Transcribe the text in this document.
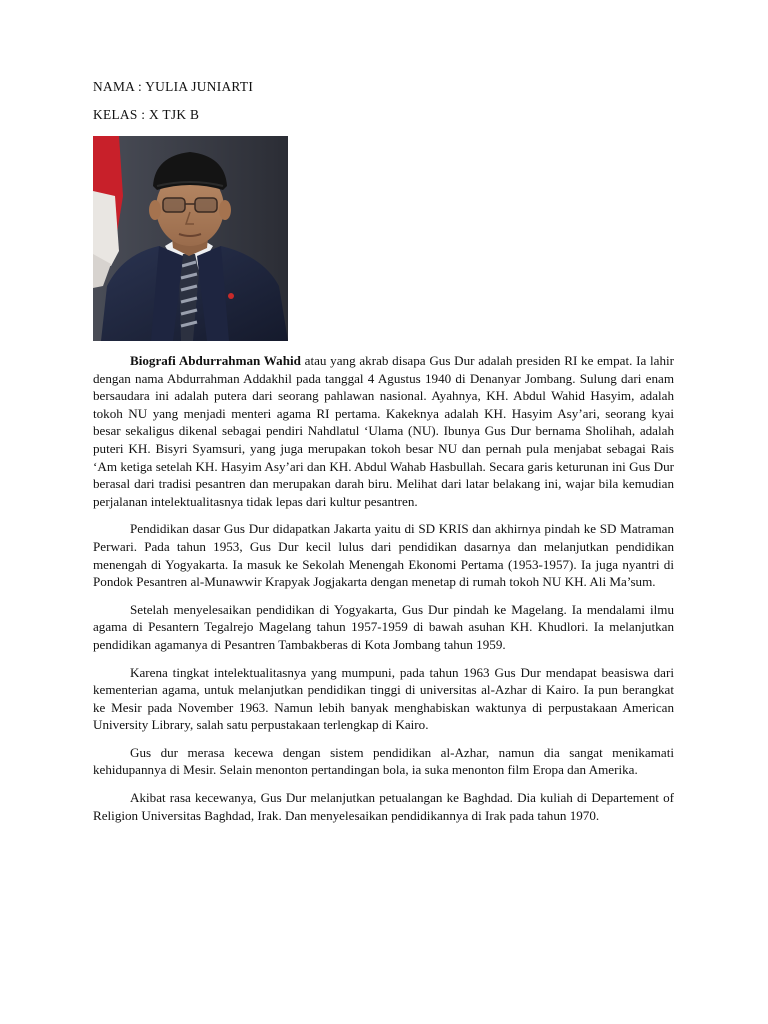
NAMA : YULIA JUNIARTI
KELAS : X TJK B

Biografi Abdurrahman Wahid atau yang akrab disapa Gus Dur adalah presiden RI ke empat. Ia lahir dengan nama Abdurrahman Addakhil pada tanggal 4 Agustus 1940 di Denanyar Jombang. Sulung dari enam bersaudara ini adalah putera dari seorang pahlawan nasional. Ayahnya, KH. Abdul Wahid Hasyim, adalah tokoh NU yang menjadi menteri agama RI pertama. Kakeknya adalah KH. Hasyim Asy’ari, seorang kyai besar sekaligus dikenal sebagai pendiri Nahdlatul ‘Ulama (NU). Ibunya Gus Dur bernama Sholihah, adalah puteri KH. Bisyri Syamsuri, yang juga merupakan tokoh besar NU dan pernah pula menjabat sebagai Rais ‘Am ketiga setelah KH. Hasyim Asy’ari dan KH. Abdul Wahab Hasbullah. Secara garis keturunan ini Gus Dur berasal dari tradisi pesantren dan merupakan darah biru. Melihat dari latar belakang ini, wajar bila kemudian perjalanan intelektualitasnya tidak lepas dari kultur pesantren.

Pendidikan dasar Gus Dur didapatkan Jakarta yaitu di SD KRIS dan akhirnya pindah ke SD Matraman Perwari. Pada tahun 1953, Gus Dur kecil lulus dari pendidikan dasarnya dan melanjutkan pendidikan menengah di Yogyakarta. Ia masuk ke Sekolah Menengah Ekonomi Pertama (1953-1957). Ia juga nyantri di Pondok Pesantren al-Munawwir Krapyak Jogjakarta dengan menetap di rumah tokoh NU KH. Ali Ma’sum.

Setelah menyelesaikan pendidikan di Yogyakarta, Gus Dur pindah ke Magelang. Ia mendalami ilmu agama di Pesantern Tegalrejo Magelang tahun 1957-1959 di bawah asuhan KH. Khudlori. Ia melanjutkan pendidikan agamanya di Pesantren Tambakberas di Kota Jombang tahun 1959.

Karena tingkat intelektualitasnya yang mumpuni, pada tahun 1963 Gus Dur mendapat beasiswa dari kementerian agama, untuk melanjutkan pendidikan tinggi di universitas al-Azhar di Kairo. Ia pun berangkat ke Mesir pada November 1963. Namun lebih banyak menghabiskan waktunya di perpustakaan American University Library, salah satu perpustakaan terlengkap di Kairo.

Gus dur merasa kecewa dengan sistem pendidikan al-Azhar, namun dia sangat menikamati kehidupannya di Mesir. Selain menonton pertandingan bola, ia suka menonton film Eropa dan Amerika.

Akibat rasa kecewanya, Gus Dur melanjutkan petualangan ke Baghdad. Dia kuliah di Departement of Religion Universitas Baghdad, Irak. Dan menyelesaikan pendidikannya di Irak pada tahun 1970.
